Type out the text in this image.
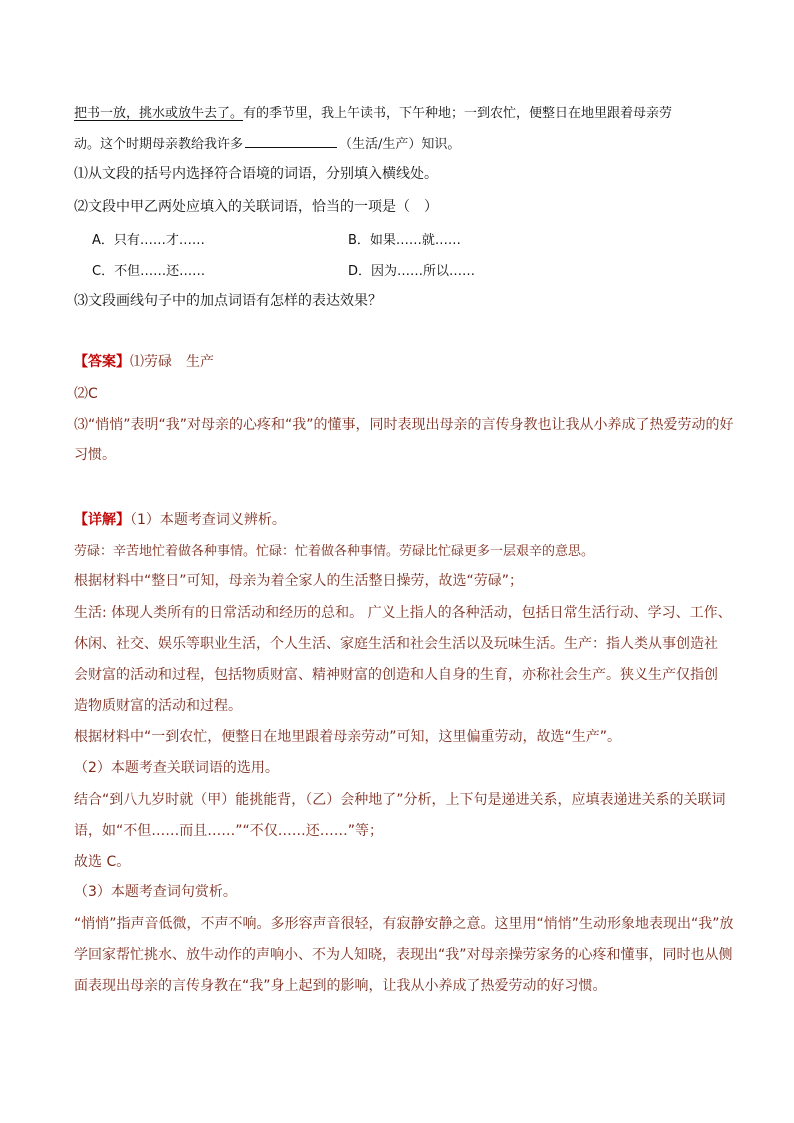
把书一放，挑水或放牛去了。有的季节里，我上午读书，下午种地；一到农忙，便整日在地里跟着母亲劳
动。这个时期母亲教给我许多	（生活/生产）知识。
⑴从文段的括号内选择符合语境的词语，分别填入横线处。
⑵文段中甲乙两处应填入的关联词语，恰当的一项是（　）
A．只有……才……	B．如果……就……
C．不但……还……	D．因为……所以……
⑶文段画线句子中的加点词语有怎样的表达效果？
【答案】⑴劳碌　生产
⑵C
⑶“悄悄”表明“我”对母亲的心疼和“我”的懂事，同时表现出母亲的言传身教也让我从小养成了热爱劳动的好
习惯。
【详解】（1）本题考查词义辨析。
劳碌：辛苦地忙着做各种事情。忙碌：忙着做各种事情。劳碌比忙碌更多一层艰辛的意思。
根据材料中“整日”可知，母亲为着全家人的生活整日操劳，故选“劳碌”；
生活: 体现人类所有的日常活动和经历的总和。 广义上指人的各种活动，包括日常生活行动、学习、工作、
休闲、社交、娱乐等职业生活，个人生活、家庭生活和社会生活以及玩味生活。生产：指人类从事创造社
会财富的活动和过程，包括物质财富、精神财富的创造和人自身的生育，亦称社会生产。狭义生产仅指创
造物质财富的活动和过程。
根据材料中“一到农忙，便整日在地里跟着母亲劳动”可知，这里偏重劳动，故选“生产”。
（2）本题考查关联词语的选用。
结合“到八九岁时就（甲）能挑能背，（乙）会种地了”分析，上下句是递进关系，应填表递进关系的关联词
语，如“不但……而且……”“不仅……还……”等；
故选 C。
（3）本题考查词句赏析。
“悄悄”指声音低微，不声不响。多形容声音很轻，有寂静安静之意。这里用“悄悄”生动形象地表现出“我”放
学回家帮忙挑水、放牛动作的声响小、不为人知晓，表现出“我”对母亲操劳家务的心疼和懂事，同时也从侧
面表现出母亲的言传身教在“我”身上起到的影响，让我从小养成了热爱劳动的好习惯。
